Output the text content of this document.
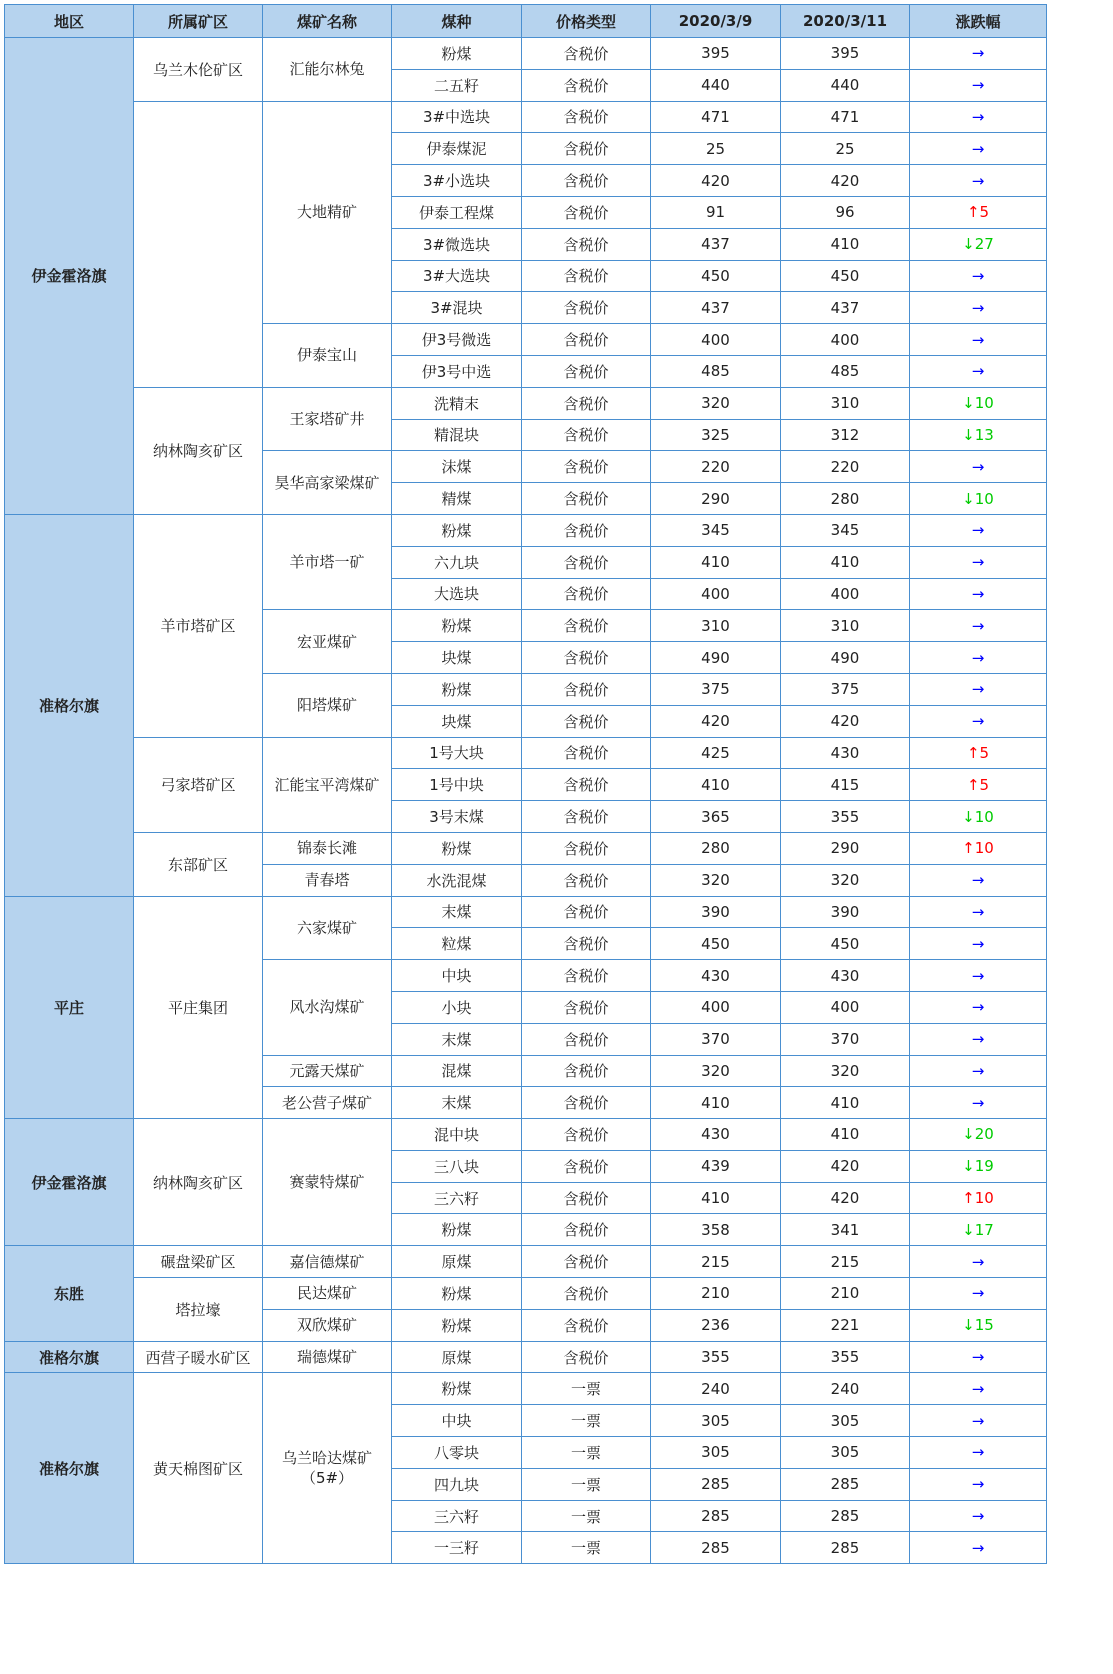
地区	所属矿区	煤矿名称	煤种	价格类型	2020/3/9	2020/3/11	涨跌幅
伊金霍洛旗	乌兰木伦矿区	汇能尔林兔	粉煤	含税价	395	395	→
			二五籽	含税价	440	440	→
		大地精矿	3#中选块	含税价	471	471	→
			伊泰煤泥	含税价	25	25	→
			3#小选块	含税价	420	420	→
			伊泰工程煤	含税价	91	96	↑5
			3#微选块	含税价	437	410	↓27
			3#大选块	含税价	450	450	→
			3#混块	含税价	437	437	→
		伊泰宝山	伊3号微选	含税价	400	400	→
			伊3号中选	含税价	485	485	→
	纳林陶亥矿区	王家塔矿井	洗精末	含税价	320	310	↓10
			精混块	含税价	325	312	↓13
		昊华高家梁煤矿	沫煤	含税价	220	220	→
			精煤	含税价	290	280	↓10
准格尔旗	羊市塔矿区	羊市塔一矿	粉煤	含税价	345	345	→
			六九块	含税价	410	410	→
			大选块	含税价	400	400	→
		宏亚煤矿	粉煤	含税价	310	310	→
			块煤	含税价	490	490	→
		阳塔煤矿	粉煤	含税价	375	375	→
			块煤	含税价	420	420	→
	弓家塔矿区	汇能宝平湾煤矿	1号大块	含税价	425	430	↑5
			1号中块	含税价	410	415	↑5
			3号末煤	含税价	365	355	↓10
	东部矿区	锦泰长滩	粉煤	含税价	280	290	↑10
		青春塔	水洗混煤	含税价	320	320	→
平庄	平庄集团	六家煤矿	末煤	含税价	390	390	→
			粒煤	含税价	450	450	→
		风水沟煤矿	中块	含税价	430	430	→
			小块	含税价	400	400	→
			末煤	含税价	370	370	→
		元露天煤矿	混煤	含税价	320	320	→
		老公营子煤矿	末煤	含税价	410	410	→
伊金霍洛旗	纳林陶亥矿区	赛蒙特煤矿	混中块	含税价	430	410	↓20
			三八块	含税价	439	420	↓19
			三六籽	含税价	410	420	↑10
			粉煤	含税价	358	341	↓17
东胜	碾盘梁矿区	嘉信德煤矿	原煤	含税价	215	215	→
	塔拉壕	民达煤矿	粉煤	含税价	210	210	→
		双欣煤矿	粉煤	含税价	236	221	↓15
准格尔旗	西营子暖水矿区	瑞德煤矿	原煤	含税价	355	355	→
准格尔旗	黄天棉图矿区	乌兰哈达煤矿（5#）	粉煤	一票	240	240	→
			中块	一票	305	305	→
			八零块	一票	305	305	→
			四九块	一票	285	285	→
			三六籽	一票	285	285	→
			一三籽	一票	285	285	→
